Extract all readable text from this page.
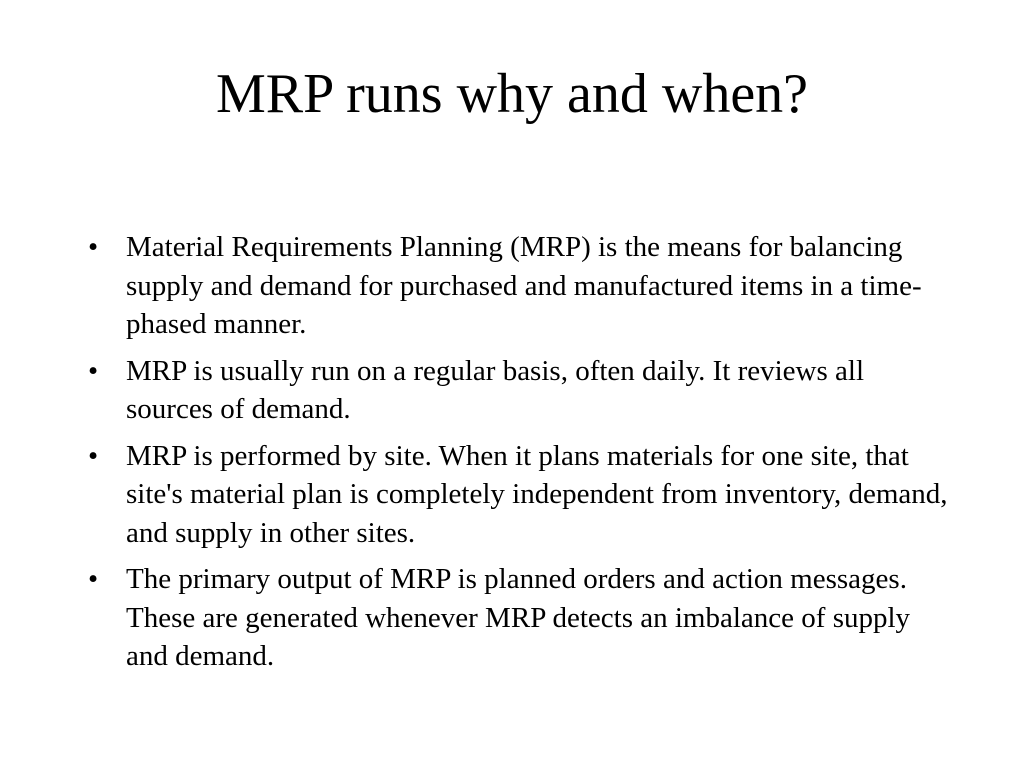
MRP runs why and when?
• Material Requirements Planning (MRP) is the means for balancing supply and demand for purchased and manufactured items in a time-phased manner.
• MRP is usually run on a regular basis, often daily. It reviews all sources of demand.
• MRP is performed by site. When it plans materials for one site, that site's material plan is completely independent from inventory, demand, and supply in other sites.
• The primary output of MRP is planned orders and action messages. These are generated whenever MRP detects an imbalance of supply and demand.
